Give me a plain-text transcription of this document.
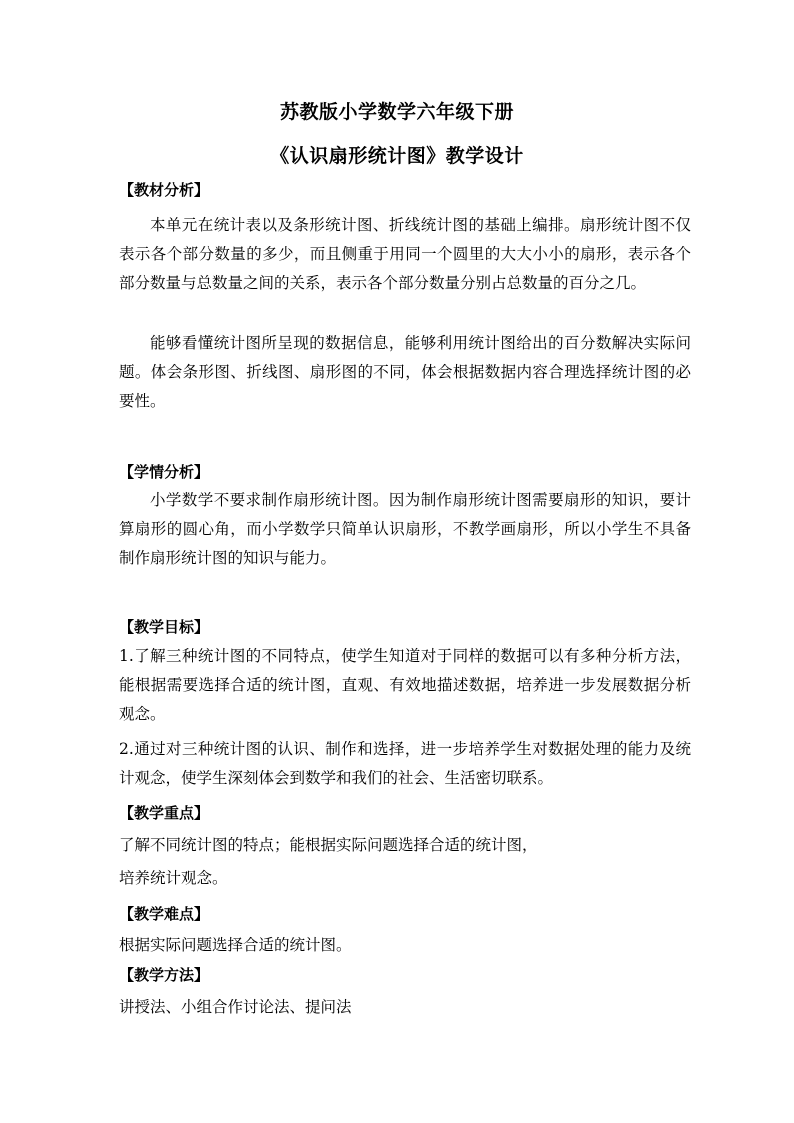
苏教版小学数学六年级下册
《认识扇形统计图》教学设计
【教材分析】

本单元在统计表以及条形统计图、折线统计图的基础上编排。扇形统计图不仅表示各个部分数量的多少，而且侧重于用同一个圆里的大大小小的扇形，表示各个部分数量与总数量之间的关系，表示各个部分数量分别占总数量的百分之几。

能够看懂统计图所呈现的数据信息，能够利用统计图给出的百分数解决实际问题。体会条形图、折线图、扇形图的不同，体会根据数据内容合理选择统计图的必要性。

【学情分析】

小学数学不要求制作扇形统计图。因为制作扇形统计图需要扇形的知识，要计算扇形的圆心角，而小学数学只简单认识扇形，不教学画扇形，所以小学生不具备制作扇形统计图的知识与能力。

【教学目标】

1.了解三种统计图的不同特点，使学生知道对于同样的数据可以有多种分析方法，能根据需要选择合适的统计图，直观、有效地描述数据，培养进一步发展数据分析观念。

2.通过对三种统计图的认识、制作和选择，进一步培养学生对数据处理的能力及统计观念，使学生深刻体会到数学和我们的社会、生活密切联系。

【教学重点】
了解不同统计图的特点；能根据实际问题选择合适的统计图，
培养统计观念。
【教学难点】
根据实际问题选择合适的统计图。
【教学方法】
讲授法、小组合作讨论法、提问法
